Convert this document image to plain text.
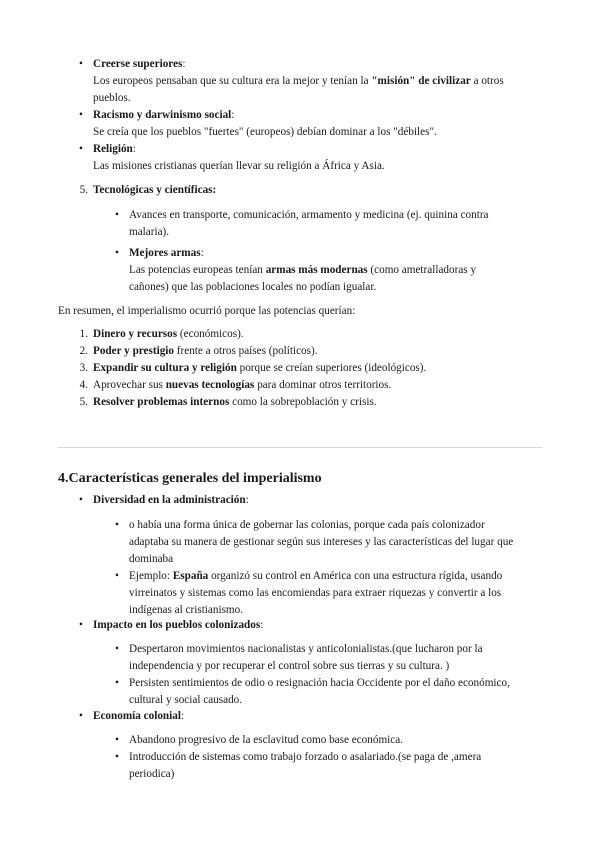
• Creerse superiores:
Los europeos pensaban que su cultura era la mejor y tenían la "misión" de civilizar a otros
pueblos.
• Racismo y darwinismo social:
Se creía que los pueblos "fuertes" (europeos) debían dominar a los "débiles".
• Religión:
Las misiones cristianas querían llevar su religión a África y Asia.
5. Tecnológicas y científicas:
• Avances en transporte, comunicación, armamento y medicina (ej. quinina contra
malaria).
• Mejores armas:
Las potencias europeas tenían armas más modernas (como ametralladoras y
cañones) que las poblaciones locales no podían igualar.
En resumen, el imperialismo ocurrió porque las potencias querían:
1. Dinero y recursos (económicos).
2. Poder y prestigio frente a otros países (políticos).
3. Expandir su cultura y religión porque se creían superiores (ideológicos).
4. Aprovechar sus nuevas tecnologías para dominar otros territorios.
5. Resolver problemas internos como la sobrepoblación y crisis.
4.Características generales del imperialismo
• Diversidad en la administración:
• o había una forma única de gobernar las colonias, porque cada país colonizador
adaptaba su manera de gestionar según sus intereses y las características del lugar que
dominaba
• Ejemplo: España organizó su control en América con una estructura rígida, usando
virreinatos y sistemas como las encomiendas para extraer riquezas y convertir a los
indígenas al cristianismo.
• Impacto en los pueblos colonizados:
• Despertaron movimientos nacionalistas y anticolonialistas.(que lucharon por la
independencia y por recuperar el control sobre sus tierras y su cultura. )
• Persisten sentimientos de odio o resignación hacia Occidente por el daño económico,
cultural y social causado.
• Economía colonial:
• Abandono progresivo de la esclavitud como base económica.
• Introducción de sistemas como trabajo forzado o asalariado.(se paga de ,amera
periodica)
